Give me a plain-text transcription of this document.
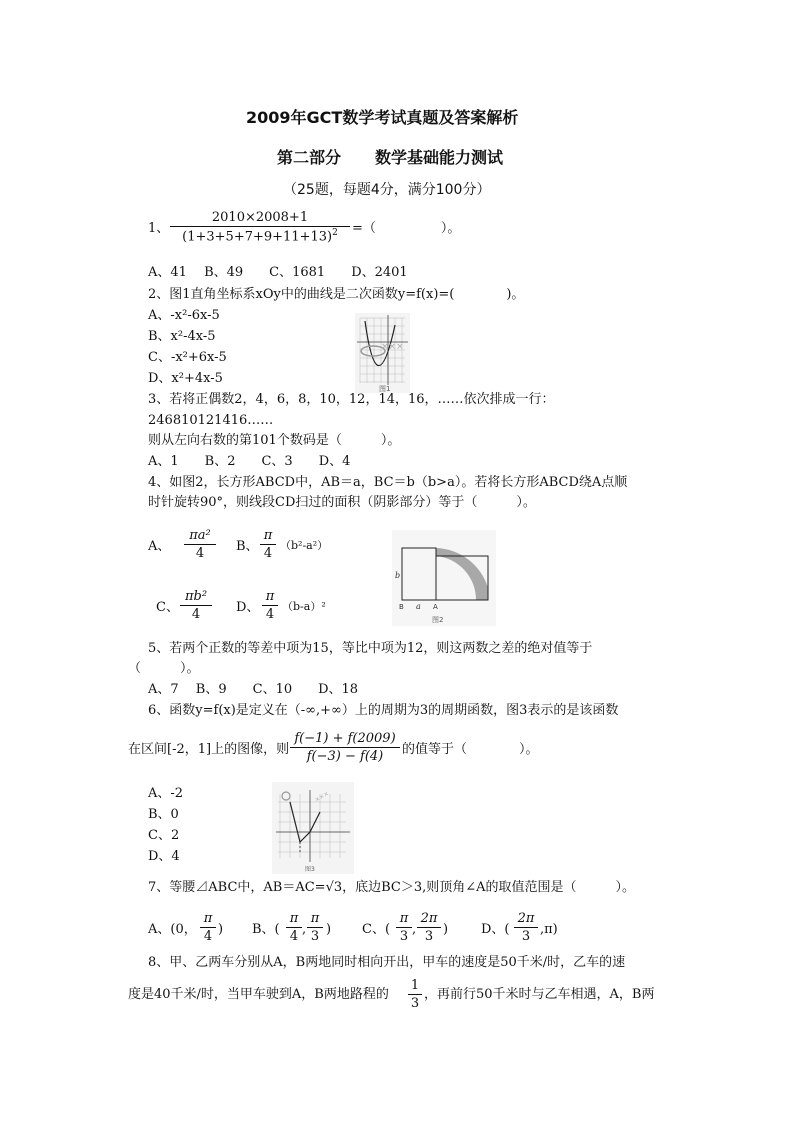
2009年GCT数学考试真题及答案解析
第二部分 数学基础能力测试
（25题，每题4分，满分100分）
1、
2010×2008+1
$(1+3+5+7+9+11+13)^2$	=（　　　　　）。
A、41　 B、49　　C、1681　　D、2401
2、图1直角坐标系xOy中的曲线是二次函数y=f(x)=(　　　　)。
A、-x²-6x-5
B、x²-4x-5
C、-x²+6x-5
D、x²+4x-5
×××
图1
3、若将正偶数2，4，6，8，10，12，14，16，……依次排成一行：
246810121416……
则从左向右数的第101个数码是（　　　）。
A、1　　B、2　　C、3　　D、4
4、如图2，长方形ABCD中，AB＝a，BC＝b（b>a）。若将长方形ABCD绕A点顺
时针旋转90°，则线段CD扫过的面积（阴影部分）等于（　　　）。
A、
πa²
4	B、
π
4
（b²-a²）
C、
πb²
4	D、
π
4
（b-a）²
b
a
B	A
图2
5、若两个正数的等差中项为15，等比中项为12，则这两数之差的绝对值等于
（　　　）。
A、7　 B、9　　C、10　　D、18
6、函数y=f(x)是定义在（-∞,+∞）上的周期为3的周期函数，图3表示的是该函数
在区间[-2，1]上的图像，则
f(−1) + f(2009)
f(−3) − f(4)	的值等于（　　　　）。
A、-2
B、0
C、2
D、4
×××
图3
7、等腰⊿ABC中，AB＝AC=√3，底边BC＞3,则顶角∠A的取值范围是（　　　）。
A、(0，
π
4 ) B、(
π
4 ,
π
3 ) C、(
π
3 ,
2π
3 )	D、(
2π
3 ,π)
8、甲、乙两车分别从A，B两地同时相向开出，甲车的速度是50千米/时，乙车的速
度是40千米/时，当甲车驶到A，B两地路程的
1
3
，再前行50千米时与乙车相遇，A，B两
